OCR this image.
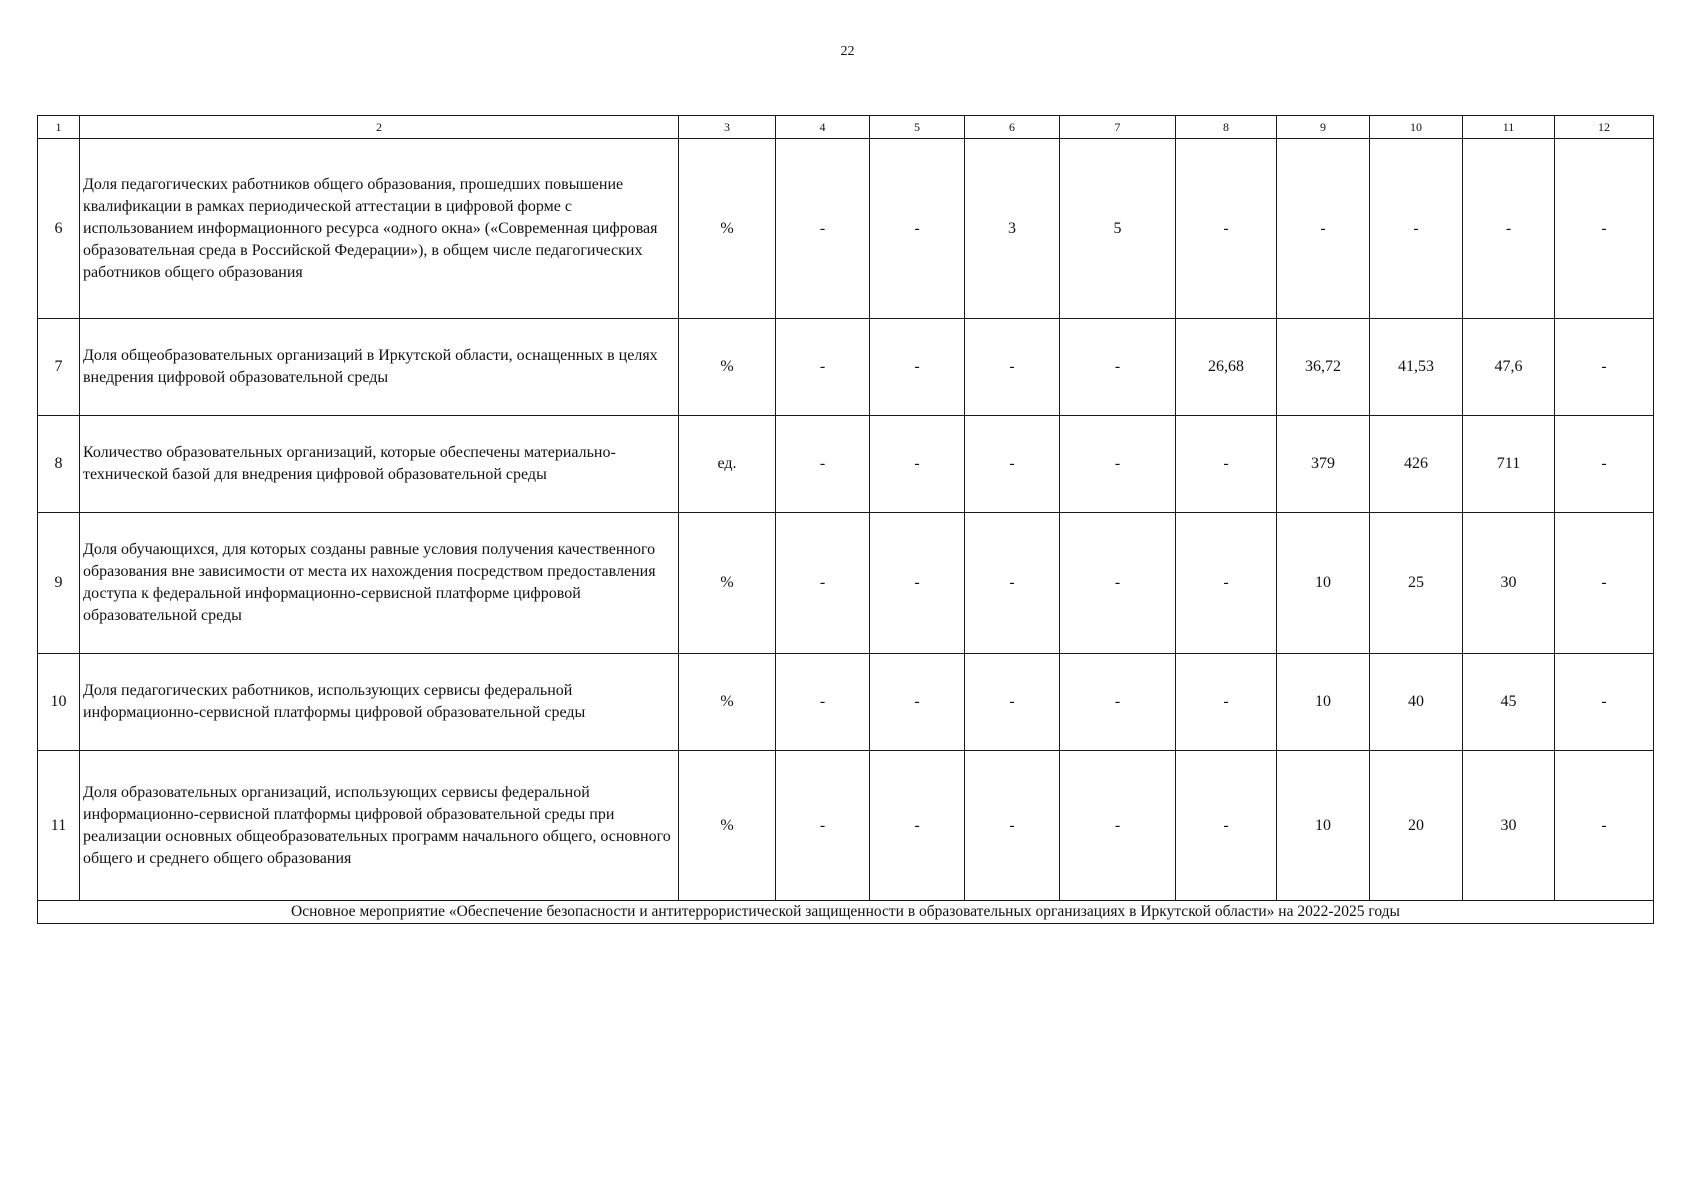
22
1	2	3	4	5	6	7	8	9	10	11	12
6	Доля педагогических работников общего образования, прошедших повышение квалификации в рамках периодической аттестации в цифровой форме с использованием информационного ресурса «одного окна» («Современная цифровая образовательная среда в Российской Федерации»), в общем числе педагогических работников общего образования	%	-	-	3	5	-	-	-	-	-
7	Доля общеобразовательных организаций в Иркутской области, оснащенных в целях внедрения цифровой образовательной среды	%	-	-	-	-	26,68	36,72	41,53	47,6	-
8	Количество образовательных организаций, которые обеспечены материально-технической базой для внедрения цифровой образовательной среды	ед.	-	-	-	-	-	379	426	711	-
9	Доля обучающихся, для которых созданы равные условия получения качественного образования вне зависимости от места их нахождения посредством предоставления доступа к федеральной информационно-сервисной платформе цифровой образовательной среды	%	-	-	-	-	-	10	25	30	-
10	Доля педагогических работников, использующих сервисы федеральной информационно-сервисной платформы цифровой образовательной среды	%	-	-	-	-	-	10	40	45	-
11	Доля образовательных организаций, использующих сервисы федеральной информационно-сервисной платформы цифровой образовательной среды при реализации основных общеобразовательных программ начального общего, основного общего и среднего общего образования	%	-	-	-	-	-	10	20	30	-
Основное мероприятие «Обеспечение безопасности и антитеррористической защищенности в образовательных организациях в Иркутской области» на 2022-2025 годы											
